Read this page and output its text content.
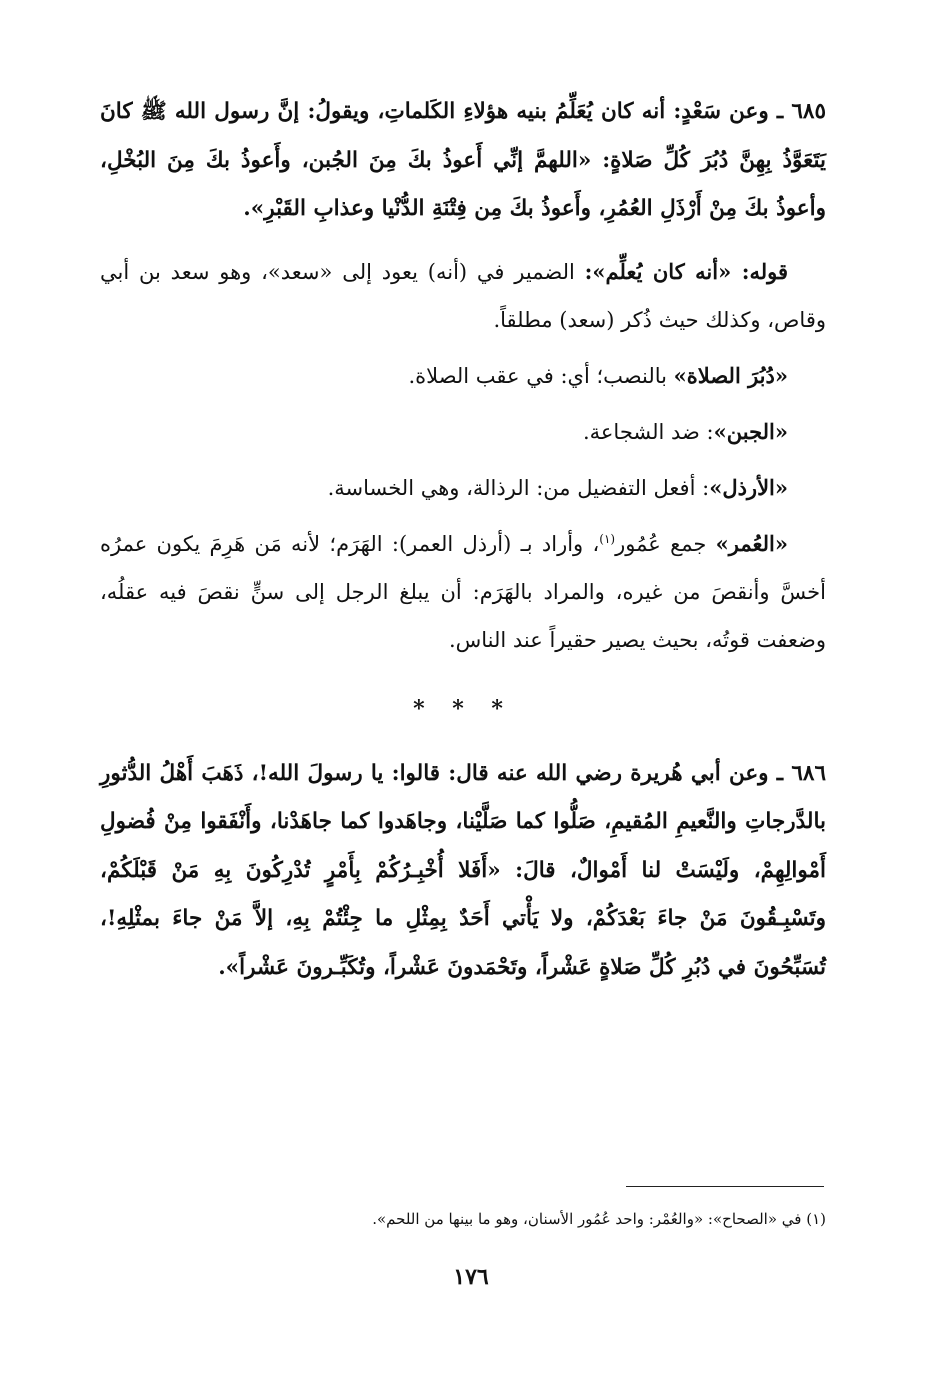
٦٨٥ ـ وعن سَعْدٍ: أنه كان يُعَلِّمُ بنيه هؤلاءِ الكَلماتِ، ويقولُ: إنَّ رسول الله ﷺ كانَ يَتَعَوَّذُ بِهِنَّ دُبُرَ كُلِّ صَلاةٍ: «اللهمَّ إنِّي أَعوذُ بكَ مِنَ الجُبن، وأَعوذُ بكَ مِنَ البُخْلِ، وأعوذُ بكَ مِنْ أَرْذَلِ العُمُرِ، وأَعوذُ بكَ مِن فِتْنَةِ الدُّنْيا وعذابِ القَبْرِ».

قوله: «أنه كان يُعلِّم»: الضمير في (أنه) يعود إلى «سعد»، وهو سعد بن أبي وقاص، وكذلك حيث ذُكر (سعد) مطلقاً.

«دُبُرَ الصلاة» بالنصب؛ أي: في عقب الصلاة.

«الجبن»: ضد الشجاعة.

«الأرذل»: أفعل التفضيل من: الرذالة، وهي الخساسة.

«العُمر» جمع عُمُور$^{(١)}$، وأراد بـ (أرذل العمر): الهَرَم؛ لأنه مَن هَرِمَ يكون عمرُه أخسَّ وأنقصَ من غيره، والمراد بالهَرَم: أن يبلغ الرجل إلى سنٍّ نقصَ فيه عقلُه، وضعفت قوتُه، بحيث يصير حقيراً عند الناس.

* * *

٦٨٦ ـ وعن أبي هُريرة رضي الله عنه قال: قالوا: يا رسولَ الله!، ذَهَبَ أَهْلُ الدُّثورِ بالدَّرجاتِ والنَّعيمِ المُقيمِ، صَلُّوا كما صَلَّيْنا، وجاهَدوا كما جاهَدْنا، وأَنْفَقوا مِنْ فُضولِ أَمْوالِهِمْ، ولَيْسَتْ لنا أَمْوالٌ، قالَ: «أَفَلا أُخْبِـرُكُمْ بِأَمْرٍ تُدْرِكُونَ بِهِ مَنْ قَبْلَكُمْ، وتَسْبِـقُونَ مَنْ جاءَ بَعْدَكُمْ، ولا يَأْتي أَحَدٌ بِمِثْلِ ما جِئْتُمْ بِهِ، إلاَّ مَنْ جاءَ بمثْلِهِ!، تُسَبِّحُونَ في دُبُرِ كُلِّ صَلاةٍ عَشْراً، وتَحْمَدونَ عَشْراً، وتُكَبِّـرونَ عَشْراً».

(١) في «الصحاح»: «والعُمْر: واحد عُمُور الأسنان، وهو ما بينها من اللحم».
١٧٦
